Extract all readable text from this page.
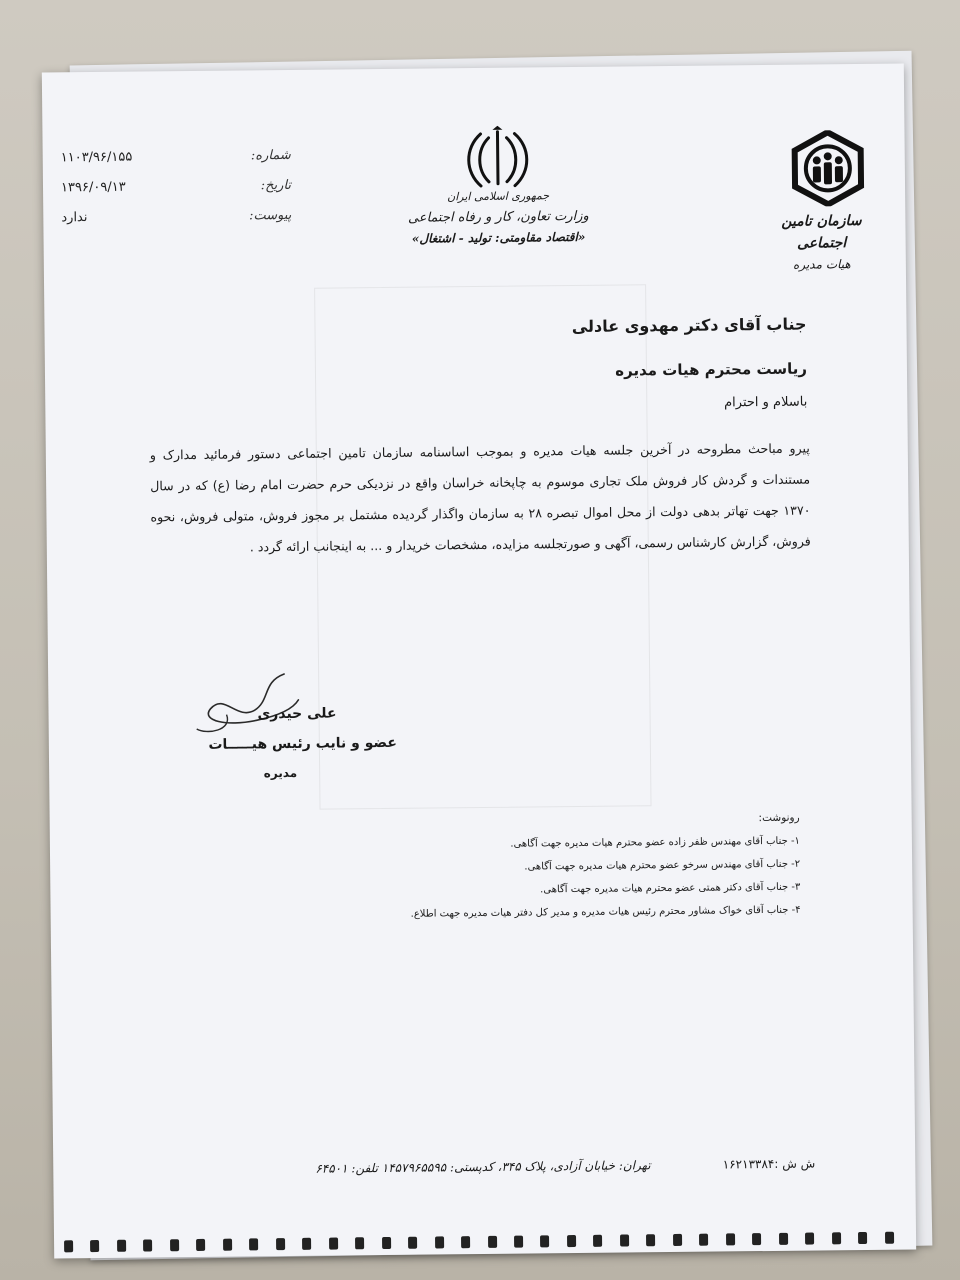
شماره:
۱۱۰۳/۹۶/۱۵۵
تاریخ:
۱۳۹۶/۰۹/۱۳
پیوست:
ندارد
جمهوری اسلامی ایران
وزارت تعاون، کار و رفاه اجتماعی
«اقتصاد مقاومتی: تولید - اشتغال»
سازمان تامین اجتماعی
هیات مدیره
جناب آقای دکتر مهدوی عادلی
ریاست محترم هیات مدیره
باسلام و احترام
پیرو مباحث مطروحه در آخرین جلسه هیات مدیره و بموجب اساسنامه سازمان تامین اجتماعی دستور فرمائید مدارک و مستندات و گردش کار فروش ملک تجاری موسوم به چاپخانه خراسان واقع در نزدیکی حرم حضرت امام رضا (ع) که در سال ۱۳۷۰ جهت تهاتر بدهی دولت از محل اموال تبصره ۲۸ به سازمان واگذار گردیده مشتمل بر مجوز فروش، متولی فروش، نحوه فروش، گزارش کارشناس رسمی، آگهی و صورتجلسه مزایده، مشخصات خریدار و ... به اینجانب ارائه گردد .
علی حیدری
عضو و نایب رئیس هیـــــات
مدیره
رونوشت:
۱- جناب آقای مهندس ظفر زاده عضو محترم هیات مدیره جهت آگاهی.
۲- جناب آقای مهندس سرخو عضو محترم هیات مدیره جهت آگاهی.
۳- جناب آقای دکتر همتی عضو محترم هیات مدیره جهت آگاهی.
۴- جناب آقای خواک مشاور محترم رئیس هیات مدیره و مدیر کل دفتر هیات مدیره جهت اطلاع.
ش ش :۱۶۲۱۳۳۸۴
تهران: خیابان آزادی، پلاک ۳۴۵، کدپستی: ۱۴۵۷۹۶۵۵۹۵ تلفن: ۶۴۵۰۱
